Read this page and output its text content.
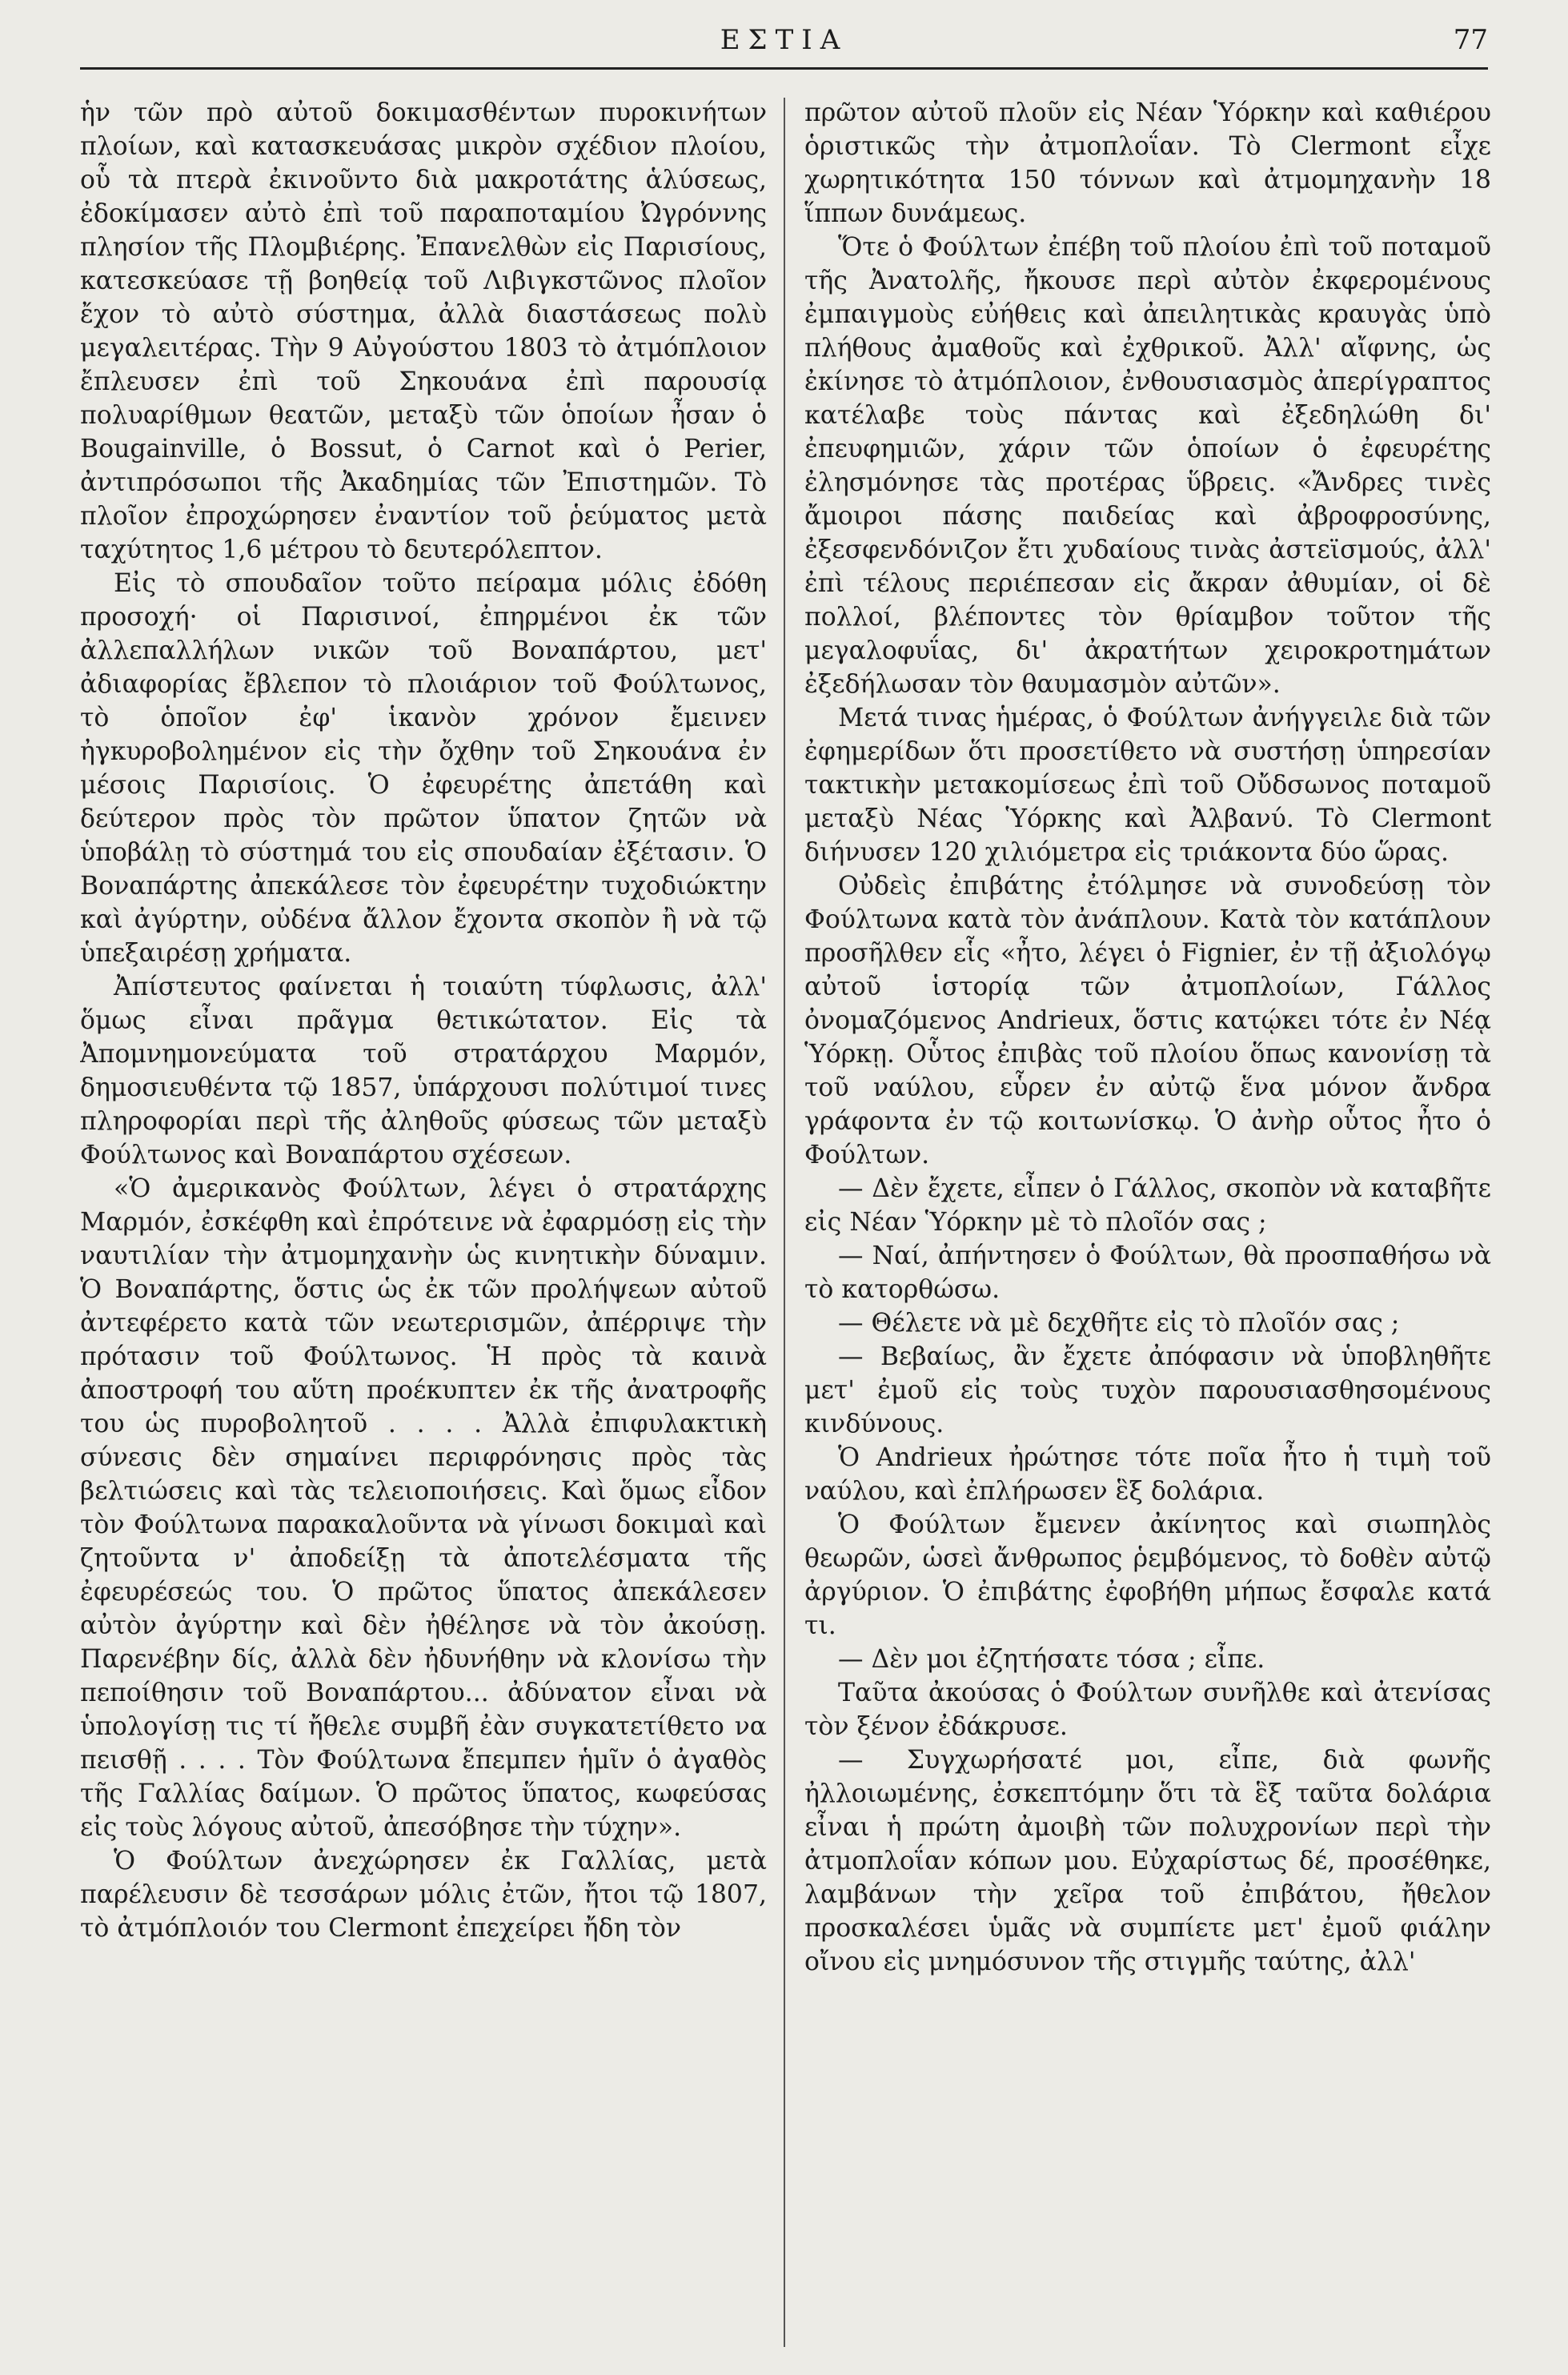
ΕΣΤΙΑ	77

ἡν τῶν πρὸ αὐτοῦ δοκιμασθέντων πυροκινήτων πλοίων, καὶ κατασκευάσας μικρὸν σχέδιον πλοίου, οὗ τὰ πτερὰ ἐκινοῦντο διὰ μακροτάτης ἁλύσεως, ἐδοκίμασεν αὐτὸ ἐπὶ τοῦ παραποταμίου Ὠγρόννης πλησίον τῆς Πλομβιέρης. Ἐπανελθὼν εἰς Παρισίους, κατεσκεύασε τῇ βοηθείᾳ τοῦ Λιβιγκστῶνος πλοῖον ἔχον τὸ αὐτὸ σύστημα, ἀλλὰ διαστάσεως πολὺ μεγαλειτέρας. Τὴν 9 Αὐγούστου 1803 τὸ ἀτμόπλοιον ἔπλευσεν ἐπὶ τοῦ Σηκουάνα ἐπὶ παρουσίᾳ πολυαρίθμων θεατῶν, μεταξὺ τῶν ὁποίων ἦσαν ὁ Bougainville, ὁ Bossut, ὁ Carnot καὶ ὁ Perier, ἀντιπρόσωποι τῆς Ἀκαδημίας τῶν Ἐπιστημῶν. Τὸ πλοῖον ἐπροχώρησεν ἐναντίον τοῦ ῥεύματος μετὰ ταχύτητος 1,6 μέτρου τὸ δευτερόλεπτον.

Εἰς τὸ σπουδαῖον τοῦτο πείραμα μόλις ἐδόθη προσοχή· οἱ Παρισινοί, ἐπηρμένοι ἐκ τῶν ἀλλεπαλλήλων νικῶν τοῦ Βοναπάρτου, μετ' ἀδιαφορίας ἔβλεπον τὸ πλοιάριον τοῦ Φούλτωνος, τὸ ὁποῖον ἐφ' ἱκανὸν χρόνον ἔμεινεν ἠγκυροβολημένον εἰς τὴν ὄχθην τοῦ Σηκουάνα ἐν μέσοις Παρισίοις. Ὁ ἐφευρέτης ἀπετάθη καὶ δεύτερον πρὸς τὸν πρῶτον ὕπατον ζητῶν νὰ ὑποβάλῃ τὸ σύστημά του εἰς σπουδαίαν ἐξέτασιν. Ὁ Βοναπάρτης ἀπεκάλεσε τὸν ἐφευρέτην τυχοδιώκτην καὶ ἀγύρτην, οὐδένα ἄλλον ἔχοντα σκοπὸν ἢ νὰ τῷ ὑπεξαιρέσῃ χρήματα.

Ἀπίστευτος φαίνεται ἡ τοιαύτη τύφλωσις, ἀλλ' ὅμως εἶναι πρᾶγμα θετικώτατον. Εἰς τὰ Ἀπομνημονεύματα τοῦ στρατάρχου Μαρμόν, δημοσιευθέντα τῷ 1857, ὑπάρχουσι πολύτιμοί τινες πληροφορίαι περὶ τῆς ἀληθοῦς φύσεως τῶν μεταξὺ Φούλτωνος καὶ Βοναπάρτου σχέσεων.

«Ὁ ἀμερικανὸς Φούλτων, λέγει ὁ στρατάρχης Μαρμόν, ἐσκέφθη καὶ ἐπρότεινε νὰ ἐφαρμόσῃ εἰς τὴν ναυτιλίαν τὴν ἀτμομηχανὴν ὡς κινητικὴν δύναμιν. Ὁ Βοναπάρτης, ὅστις ὡς ἐκ τῶν προλήψεων αὐτοῦ ἀντεφέρετο κατὰ τῶν νεωτερισμῶν, ἀπέρριψε τὴν πρότασιν τοῦ Φούλτωνος. Ἡ πρὸς τὰ καινὰ ἀποστροφή του αὕτη προέκυπτεν ἐκ τῆς ἀνατροφῆς του ὡς πυροβολητοῦ . . . . Ἀλλὰ ἐπιφυλακτικὴ σύνεσις δὲν σημαίνει περιφρόνησις πρὸς τὰς βελτιώσεις καὶ τὰς τελειοποιήσεις. Καὶ ὅμως εἶδον τὸν Φούλτωνα παρακαλοῦντα νὰ γίνωσι δοκιμαὶ καὶ ζητοῦντα ν' ἀποδείξῃ τὰ ἀποτελέσματα τῆς ἐφευρέσεώς του. Ὁ πρῶτος ὕπατος ἀπεκάλεσεν αὐτὸν ἀγύρτην καὶ δὲν ἠθέλησε νὰ τὸν ἀκούσῃ. Παρενέβην δίς, ἀλλὰ δὲν ἠδυνήθην νὰ κλονίσω τὴν πεποίθησιν τοῦ Βοναπάρτου... ἀδύνατον εἶναι νὰ ὑπολογίσῃ τις τί ἤθελε συμβῆ ἐὰν συγκατετίθετο να πεισθῇ . . . . Τὸν Φούλτωνα ἔπεμπεν ἡμῖν ὁ ἀγαθὸς τῆς Γαλλίας δαίμων. Ὁ πρῶτος ὕπατος, κωφεύσας εἰς τοὺς λόγους αὐτοῦ, ἀπεσόβησε τὴν τύχην».

Ὁ Φούλτων ἀνεχώρησεν ἐκ Γαλλίας, μετὰ παρέλευσιν δὲ τεσσάρων μόλις ἐτῶν, ἤτοι τῷ 1807, τὸ ἀτμόπλοιόν του Clermont ἐπεχείρει ἤδη τὸν

πρῶτον αὐτοῦ πλοῦν εἰς Νέαν Ὑόρκην καὶ καθιέρου ὁριστικῶς τὴν ἀτμοπλοΐαν. Τὸ Clermont εἶχε χωρητικότητα 150 τόννων καὶ ἀτμομηχανὴν 18 ἵππων δυνάμεως.

Ὅτε ὁ Φούλτων ἐπέβη τοῦ πλοίου ἐπὶ τοῦ ποταμοῦ τῆς Ἀνατολῆς, ἤκουσε περὶ αὐτὸν ἐκφερομένους ἐμπαιγμοὺς εὐήθεις καὶ ἀπειλητικὰς κραυγὰς ὑπὸ πλήθους ἀμαθοῦς καὶ ἐχθρικοῦ. Ἀλλ' αἴφνης, ὡς ἐκίνησε τὸ ἀτμόπλοιον, ἐνθουσιασμὸς ἀπερίγραπτος κατέλαβε τοὺς πάντας καὶ ἐξεδηλώθη δι' ἐπευφημιῶν, χάριν τῶν ὁποίων ὁ ἐφευρέτης ἐλησμόνησε τὰς προτέρας ὕβρεις. «Ἄνδρες τινὲς ἄμοιροι πάσης παιδείας καὶ ἀβροφροσύνης, ἐξεσφενδόνιζον ἔτι χυδαίους τινὰς ἀστεϊσμούς, ἀλλ' ἐπὶ τέλους περιέπεσαν εἰς ἄκραν ἀθυμίαν, οἱ δὲ πολλοί, βλέποντες τὸν θρίαμβον τοῦτον τῆς μεγαλοφυΐας, δι' ἀκρατήτων χειροκροτημάτων ἐξεδήλωσαν τὸν θαυμασμὸν αὐτῶν».

Μετά τινας ἡμέρας, ὁ Φούλτων ἀνήγγειλε διὰ τῶν ἐφημερίδων ὅτι προσετίθετο νὰ συστήσῃ ὑπηρεσίαν τακτικὴν μετακομίσεως ἐπὶ τοῦ Οὔδσωνος ποταμοῦ μεταξὺ Νέας Ὑόρκης καὶ Ἀλβανύ. Τὸ Clermont διήνυσεν 120 χιλιόμετρα εἰς τριάκοντα δύο ὥρας.

Οὐδεὶς ἐπιβάτης ἐτόλμησε νὰ συνοδεύσῃ τὸν Φούλτωνα κατὰ τὸν ἀνάπλουν. Κατὰ τὸν κατάπλουν προσῆλθεν εἷς «ἦτο, λέγει ὁ Fignier, ἐν τῇ ἀξιολόγῳ αὐτοῦ ἱστορίᾳ τῶν ἀτμοπλοίων, Γάλλος ὀνομαζόμενος Andrieux, ὅστις κατῴκει τότε ἐν Νέᾳ Ὑόρκῃ. Οὗτος ἐπιβὰς τοῦ πλοίου ὅπως κανονίσῃ τὰ τοῦ ναύλου, εὗρεν ἐν αὐτῷ ἕνα μόνον ἄνδρα γράφοντα ἐν τῷ κοιτωνίσκῳ. Ὁ ἀνὴρ οὗτος ἦτο ὁ Φούλτων.

— Δὲν ἔχετε, εἶπεν ὁ Γάλλος, σκοπὸν νὰ καταβῆτε εἰς Νέαν Ὑόρκην μὲ τὸ πλοῖόν σας ;

— Ναί, ἀπήντησεν ὁ Φούλτων, θὰ προσπαθήσω νὰ τὸ κατορθώσω.

— Θέλετε νὰ μὲ δεχθῆτε εἰς τὸ πλοῖόν σας ;

— Βεβαίως, ἂν ἔχετε ἀπόφασιν νὰ ὑποβληθῆτε μετ' ἐμοῦ εἰς τοὺς τυχὸν παρουσιασθησομένους κινδύνους.

Ὁ Andrieux ἠρώτησε τότε ποῖα ἦτο ἡ τιμὴ τοῦ ναύλου, καὶ ἐπλήρωσεν ἓξ δολάρια.

Ὁ Φούλτων ἔμενεν ἀκίνητος καὶ σιωπηλὸς θεωρῶν, ὡσεὶ ἄνθρωπος ῥεμβόμενος, τὸ δοθὲν αὐτῷ ἀργύριον. Ὁ ἐπιβάτης ἐφοβήθη μήπως ἔσφαλε κατά τι.

— Δὲν μοι ἐζητήσατε τόσα ; εἶπε.

Ταῦτα ἀκούσας ὁ Φούλτων συνῆλθε καὶ ἀτενίσας τὸν ξένον ἐδάκρυσε.

— Συγχωρήσατέ μοι, εἶπε, διὰ φωνῆς ἠλλοιωμένης, ἐσκεπτόμην ὅτι τὰ ἓξ ταῦτα δολάρια εἶναι ἡ πρώτη ἀμοιβὴ τῶν πολυχρονίων περὶ τὴν ἀτμοπλοΐαν κόπων μου. Εὐχαρίστως δέ, προσέθηκε, λαμβάνων τὴν χεῖρα τοῦ ἐπιβάτου, ἤθελον προσκαλέσει ὑμᾶς νὰ συμπίετε μετ' ἐμοῦ φιάλην οἴνου εἰς μνημόσυνον τῆς στιγμῆς ταύτης, ἀλλ'
